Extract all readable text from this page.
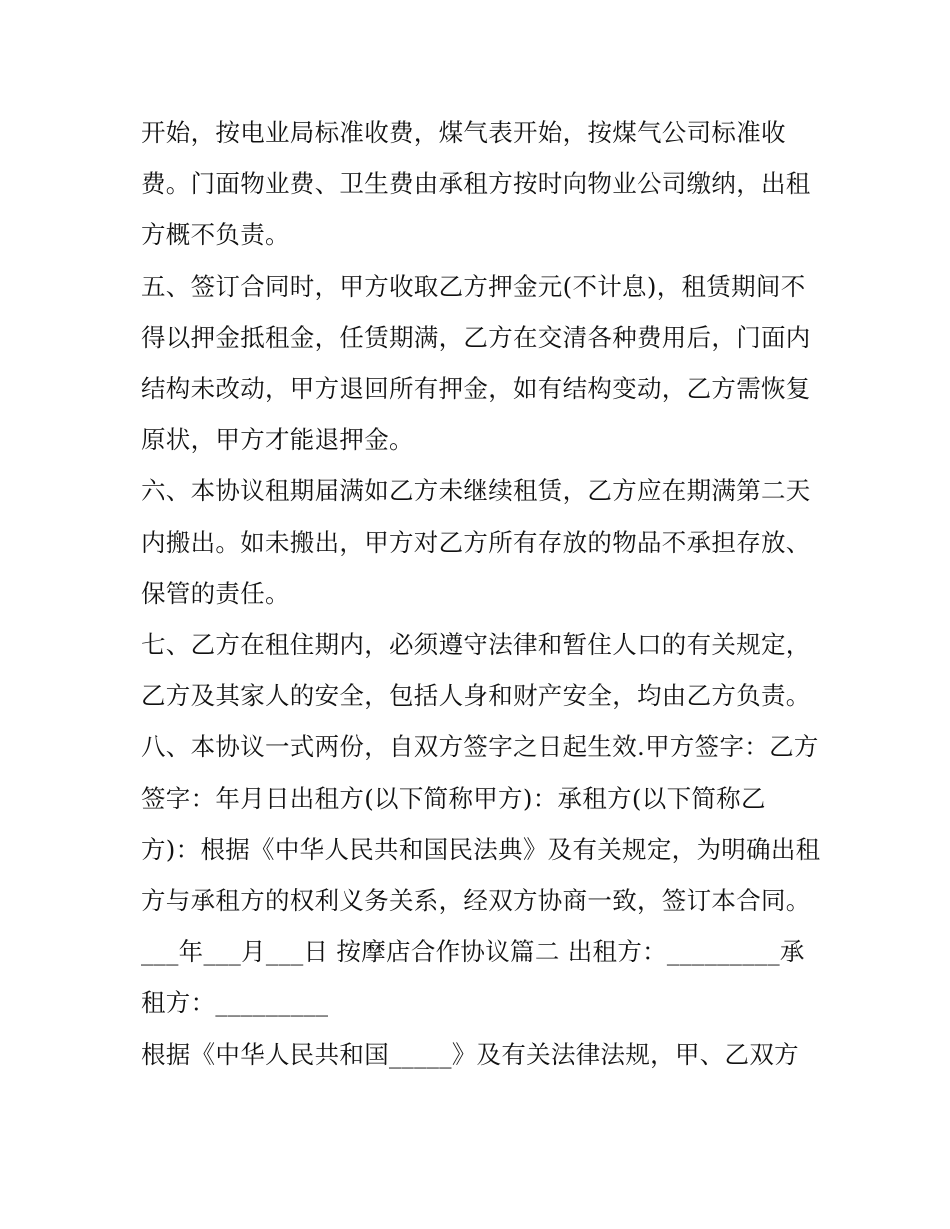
开始，按电业局标准收费，煤气表开始，按煤气公司标准收费。门面物业费、卫生费由承租方按时向物业公司缴纳，出租方概不负责。

五、签订合同时，甲方收取乙方押金元(不计息)，租赁期间不得以押金抵租金，任赁期满，乙方在交清各种费用后，门面内结构未改动，甲方退回所有押金，如有结构变动，乙方需恢复原状，甲方才能退押金。

六、本协议租期届满如乙方未继续租赁，乙方应在期满第二天内搬出。如未搬出，甲方对乙方所有存放的物品不承担存放、保管的责任。

七、乙方在租住期内，必须遵守法律和暂住人口的有关规定，乙方及其家人的安全，包括人身和财产安全，均由乙方负责。

八、本协议一式两份，自双方签字之日起生效.甲方签字：乙方签字：年月日出租方(以下简称甲方)：承租方(以下简称乙方)：根据《中华人民共和国民法典》及有关规定，为明确出租方与承租方的权利义务关系，经双方协商一致，签订本合同。

___年___月___日 按摩店合作协议篇二 出租方：_________承租方：_________

根据《中华人民共和国_____》及有关法律法规，甲、乙双方
